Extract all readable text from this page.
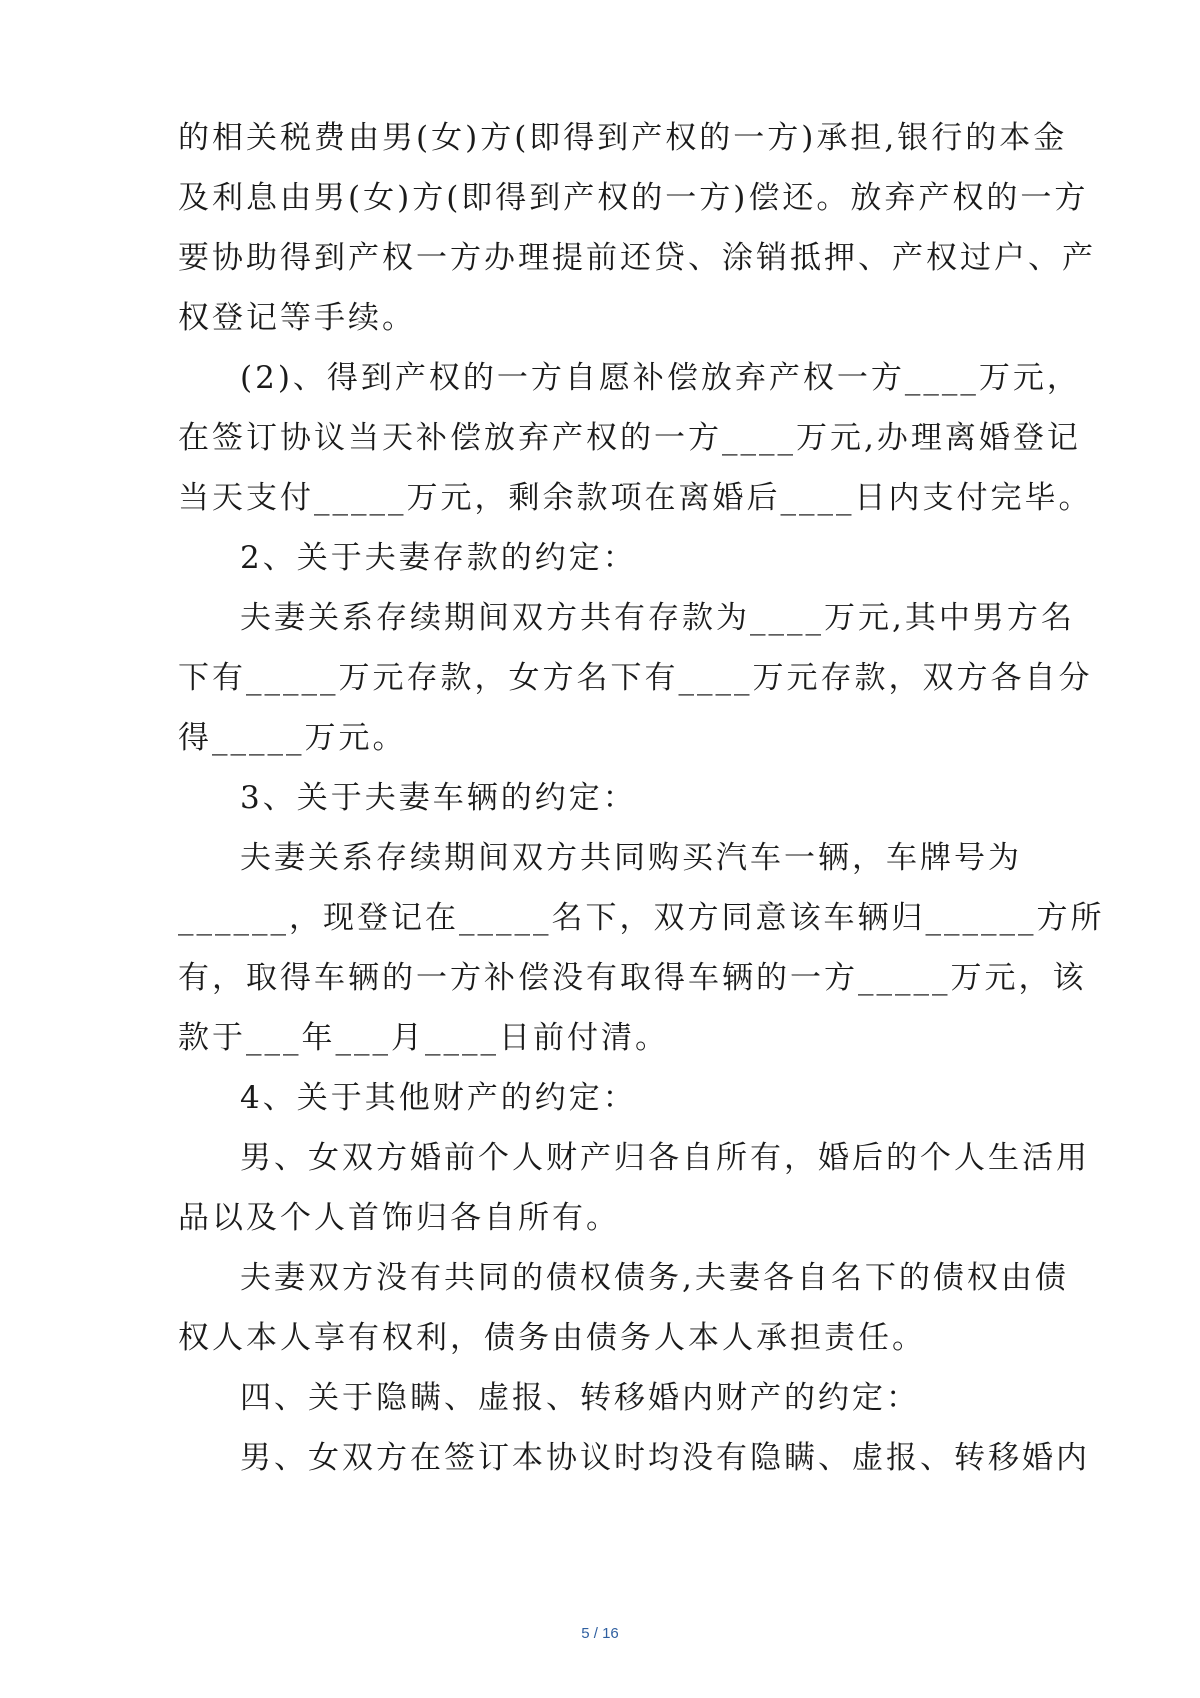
的相关税费由男(女)方(即得到产权的一方)承担,银行的本金
及利息由男(女)方(即得到产权的一方)偿还。放弃产权的一方
要协助得到产权一方办理提前还贷、涂销抵押、产权过户、产
权登记等手续。
(2)、得到产权的一方自愿补偿放弃产权一方____万元，
在签订协议当天补偿放弃产权的一方____万元,办理离婚登记
当天支付_____万元，剩余款项在离婚后____日内支付完毕。
2、关于夫妻存款的约定：
夫妻关系存续期间双方共有存款为____万元,其中男方名
下有_____万元存款，女方名下有____万元存款，双方各自分
得_____万元。
3、关于夫妻车辆的约定：
夫妻关系存续期间双方共同购买汽车一辆，车牌号为
______，现登记在_____名下，双方同意该车辆归______方所
有，取得车辆的一方补偿没有取得车辆的一方_____万元，该
款于___年___月____日前付清。
4、关于其他财产的约定：
男、女双方婚前个人财产归各自所有，婚后的个人生活用
品以及个人首饰归各自所有。
夫妻双方没有共同的债权债务,夫妻各自名下的债权由债
权人本人享有权利，债务由债务人本人承担责任。
四、关于隐瞒、虚报、转移婚内财产的约定：
男、女双方在签订本协议时均没有隐瞒、虚报、转移婚内
5 / 16
